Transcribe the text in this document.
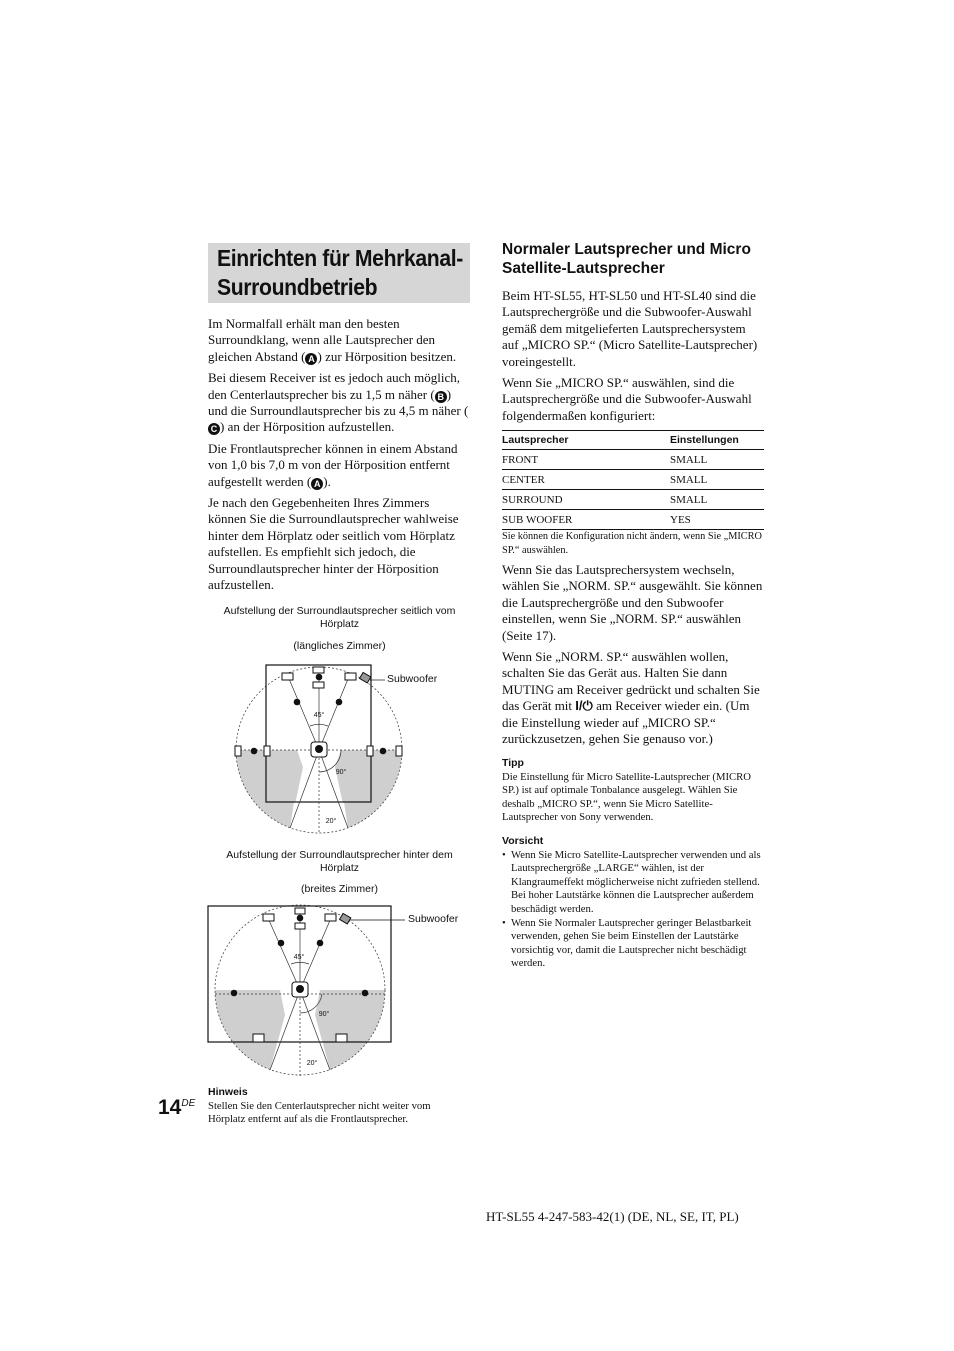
Einrichten für Mehrkanal-
Surroundbetrieb

Im Normalfall erhält man den besten Surroundklang, wenn alle Lautsprecher den gleichen Abstand ( A ) zur Hörposition besitzen.

Bei diesem Receiver ist es jedoch auch möglich, den Centerlautsprecher bis zu 1,5 m näher ( B ) und die Surroundlautsprecher bis zu 4,5 m näher (C ) an der Hörposition aufzustellen.

Die Frontlautsprecher können in einem Abstand von 1,0 bis 7,0 m von der Hörposition entfernt aufgestellt werden ( A ).

Je nach den Gegebenheiten Ihres Zimmers können Sie die Surroundlautsprecher wahlweise hinter dem Hörplatz oder seitlich vom Hörplatz aufstellen. Es empfiehlt sich jedoch, die Surroundlautsprecher hinter der Hörposition aufzustellen.

Aufstellung der Surroundlautsprecher seitlich vom Hörplatz
(längliches Zimmer)
45°
90°
20°
Subwoofer
Aufstellung der Surroundlautsprecher hinter dem Hörplatz
(breites Zimmer)
45°
90°
20°
Subwoofer
Hinweis
Stellen Sie den Centerlautsprecher nicht weiter vom Hörplatz entfernt auf als die Frontlautsprecher.
14DE
Normaler Lautsprecher und Micro Satellite-Lautsprecher

Beim HT-SL55, HT-SL50 und HT-SL40 sind die Lautsprechergröße und die Subwoofer-Auswahl gemäß dem mitgelieferten Lautsprechersystem auf „MICRO SP.“ (Micro Satellite-Lautsprecher) voreingestellt.

Wenn Sie „MICRO SP.“ auswählen, sind die Lautsprechergröße und die Subwoofer-Auswahl folgendermaßen konfiguriert:

Lautsprecher	Einstellungen
FRONT	SMALL
CENTER	SMALL
SURROUND	SMALL
SUB WOOFER	YES
Sie können die Konfiguration nicht ändern, wenn Sie „MICRO SP.“ auswählen.

Wenn Sie das Lautsprechersystem wechseln, wählen Sie „NORM. SP.“ ausgewählt. Sie können die Lautsprechergröße und den Subwoofer einstellen, wenn Sie „NORM. SP.“ auswählen (Seite 17).

Wenn Sie „NORM. SP.“ auswählen wollen, schalten Sie das Gerät aus. Halten Sie dann MUTING am Receiver gedrückt und schalten Sie das Gerät mit I/⏻ am Receiver wieder ein. (Um die Einstellung wieder auf „MICRO SP.“ zurückzusetzen, gehen Sie genauso vor.)

Tipp
Die Einstellung für Micro Satellite-Lautsprecher (MICRO SP.) ist auf optimale Tonbalance ausgelegt. Wählen Sie deshalb „MICRO SP.“, wenn Sie Micro Satellite-Lautsprecher von Sony verwenden.
Vorsicht
• Wenn Sie Micro Satellite-Lautsprecher verwenden und als Lautsprechergröße „LARGE“ wählen, ist der Klangraumeffekt möglicherweise nicht zufrieden stellend. Bei hoher Lautstärke können die Lautsprecher außerdem beschädigt werden.
• Wenn Sie Normaler Lautsprecher geringer Belastbarkeit verwenden, gehen Sie beim Einstellen der Lautstärke vorsichtig vor, damit die Lautsprecher nicht beschädigt werden.
HT-SL55 4-247-583-42(1) (DE, NL, SE, IT, PL)
